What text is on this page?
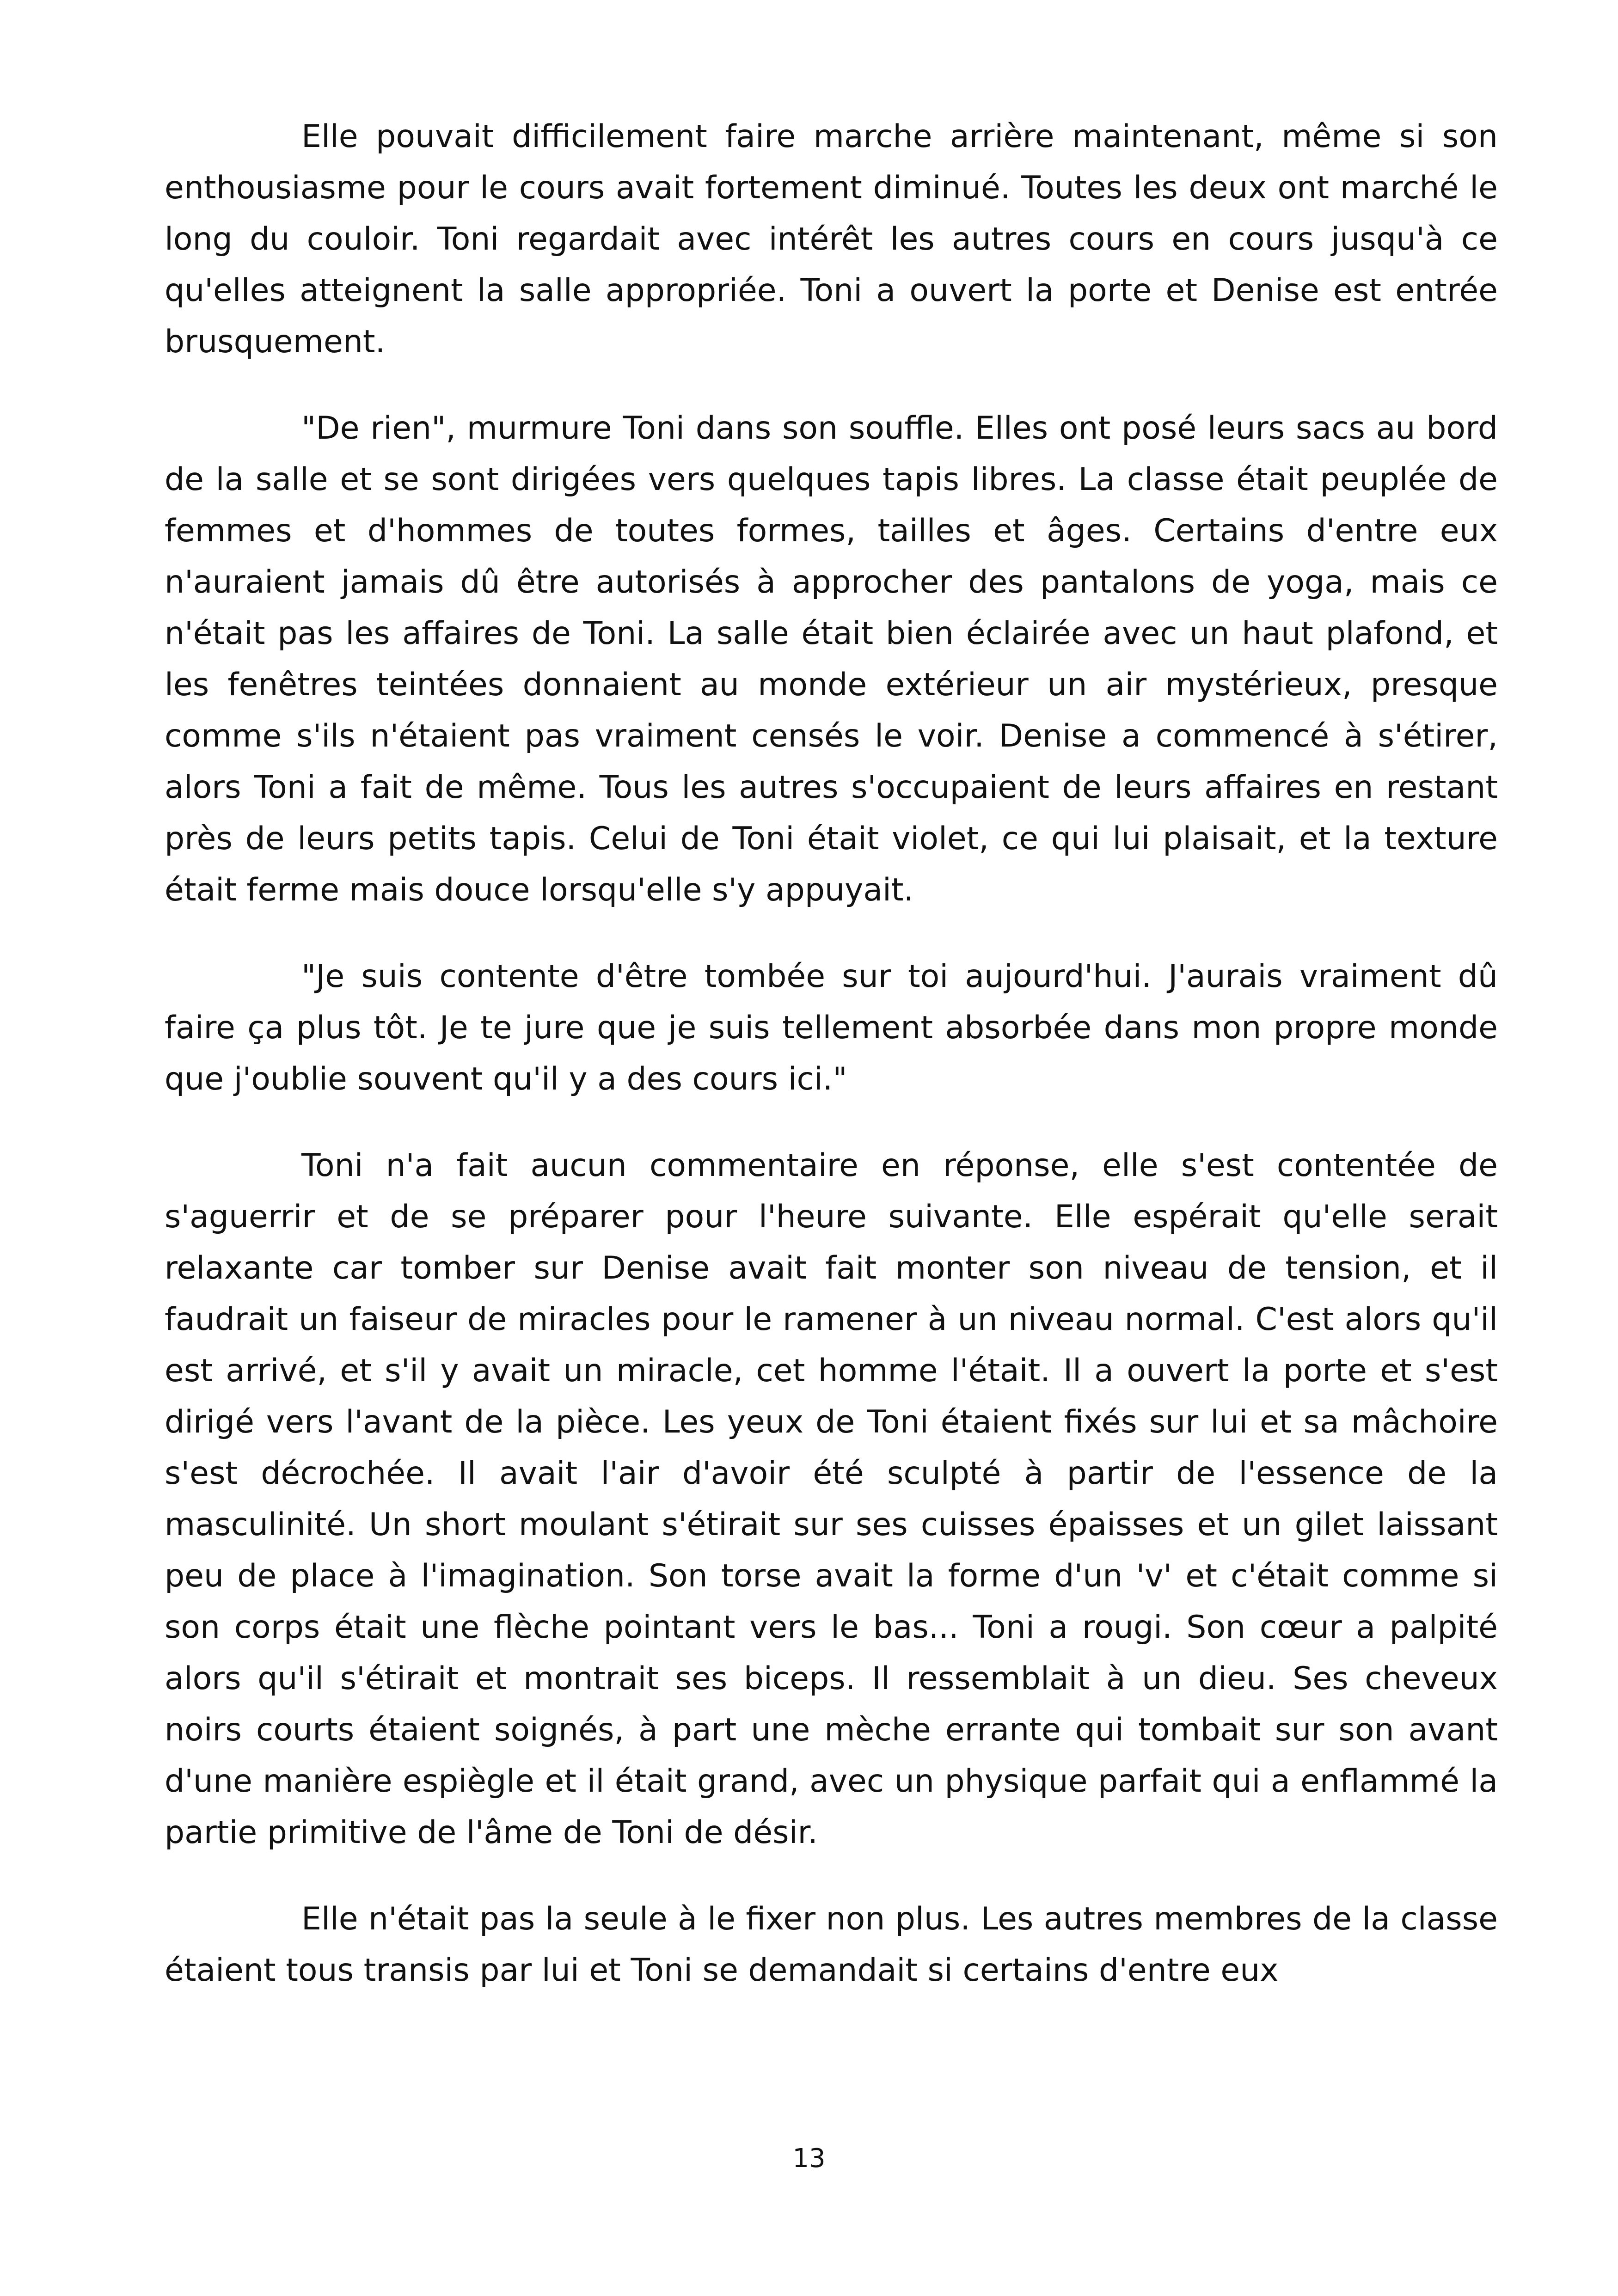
Elle pouvait difficilement faire marche arrière maintenant, même si son enthousiasme pour le cours avait fortement diminué. Toutes les deux ont marché le long du couloir. Toni regardait avec intérêt les autres cours en cours jusqu'à ce qu'elles atteignent la salle appropriée. Toni a ouvert la porte et Denise est entrée brusquement.

"De rien", murmure Toni dans son souffle. Elles ont posé leurs sacs au bord de la salle et se sont dirigées vers quelques tapis libres. La classe était peuplée de femmes et d'hommes de toutes formes, tailles et âges. Certains d'entre eux n'auraient jamais dû être autorisés à approcher des pantalons de yoga, mais ce n'était pas les affaires de Toni. La salle était bien éclairée avec un haut plafond, et les fenêtres teintées donnaient au monde extérieur un air mystérieux, presque comme s'ils n'étaient pas vraiment censés le voir. Denise a commencé à s'étirer, alors Toni a fait de même. Tous les autres s'occupaient de leurs affaires en restant près de leurs petits tapis. Celui de Toni était violet, ce qui lui plaisait, et la texture était ferme mais douce lorsqu'elle s'y appuyait.

"Je suis contente d'être tombée sur toi aujourd'hui. J'aurais vraiment dû faire ça plus tôt. Je te jure que je suis tellement absorbée dans mon propre monde que j'oublie souvent qu'il y a des cours ici."

Toni n'a fait aucun commentaire en réponse, elle s'est contentée de s'aguerrir et de se préparer pour l'heure suivante. Elle espérait qu'elle serait relaxante car tomber sur Denise avait fait monter son niveau de tension, et il faudrait un faiseur de miracles pour le ramener à un niveau normal. C'est alors qu'il est arrivé, et s'il y avait un miracle, cet homme l'était. Il a ouvert la porte et s'est dirigé vers l'avant de la pièce. Les yeux de Toni étaient fixés sur lui et sa mâchoire s'est décrochée. Il avait l'air d'avoir été sculpté à partir de l'essence de la masculinité. Un short moulant s'étirait sur ses cuisses épaisses et un gilet laissant peu de place à l'imagination. Son torse avait la forme d'un 'v' et c'était comme si son corps était une flèche pointant vers le bas... Toni a rougi. Son cœur a palpité alors qu'il s'étirait et montrait ses biceps. Il ressemblait à un dieu. Ses cheveux noirs courts étaient soignés, à part une mèche errante qui tombait sur son avant d'une manière espiègle et il était grand, avec un physique parfait qui a enflammé la partie primitive de l'âme de Toni de désir.

Elle n'était pas la seule à le fixer non plus. Les autres membres de la classe étaient tous transis par lui et Toni se demandait si certains d'entre eux

13
